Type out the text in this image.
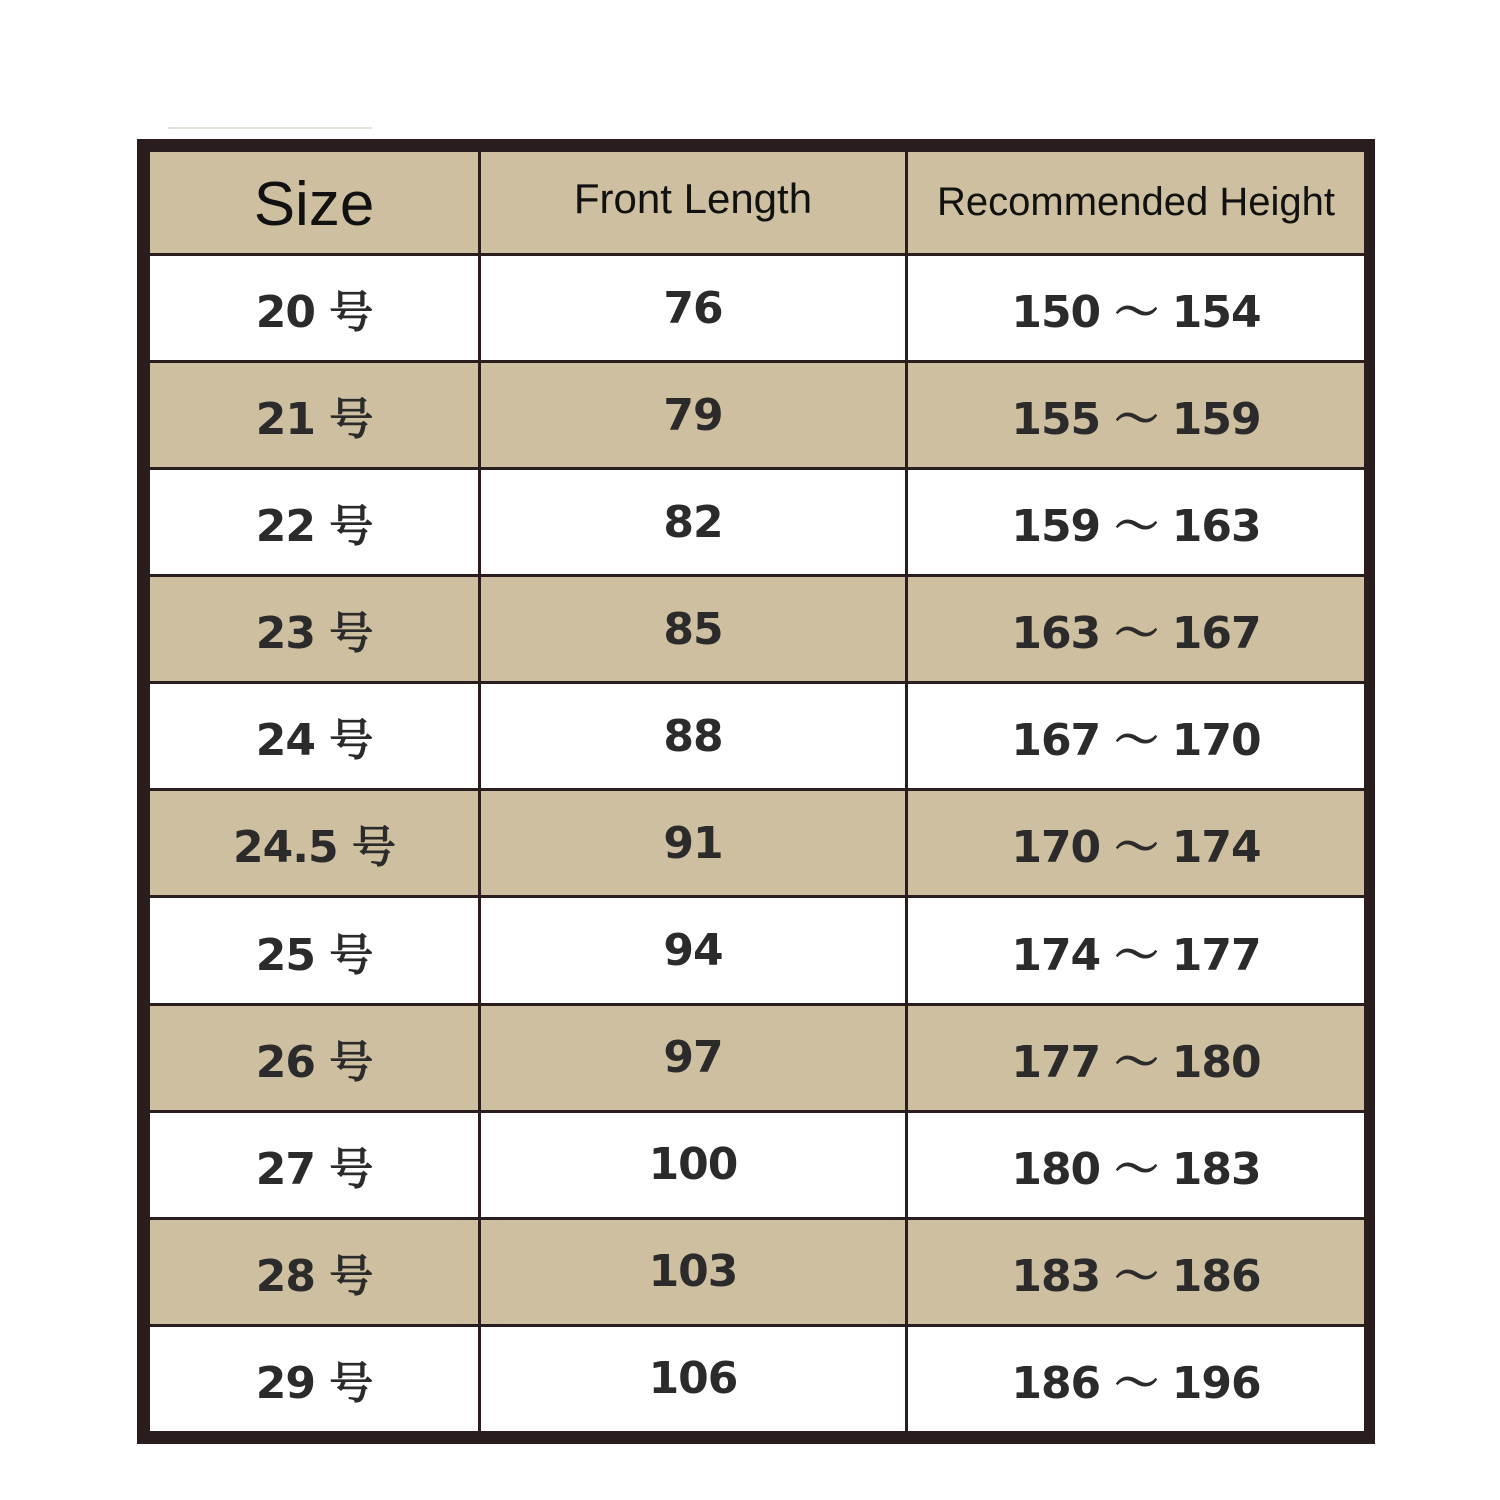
Size	Front Length	Recommended Height
20 号	76	150 ～ 154
21 号	79	155 ～ 159
22 号	82	159 ～ 163
23 号	85	163 ～ 167
24 号	88	167 ～ 170
24.5 号	91	170 ～ 174
25 号	94	174 ～ 177
26 号	97	177 ～ 180
27 号	100	180 ～ 183
28 号	103	183 ～ 186
29 号	106	186 ～ 196
